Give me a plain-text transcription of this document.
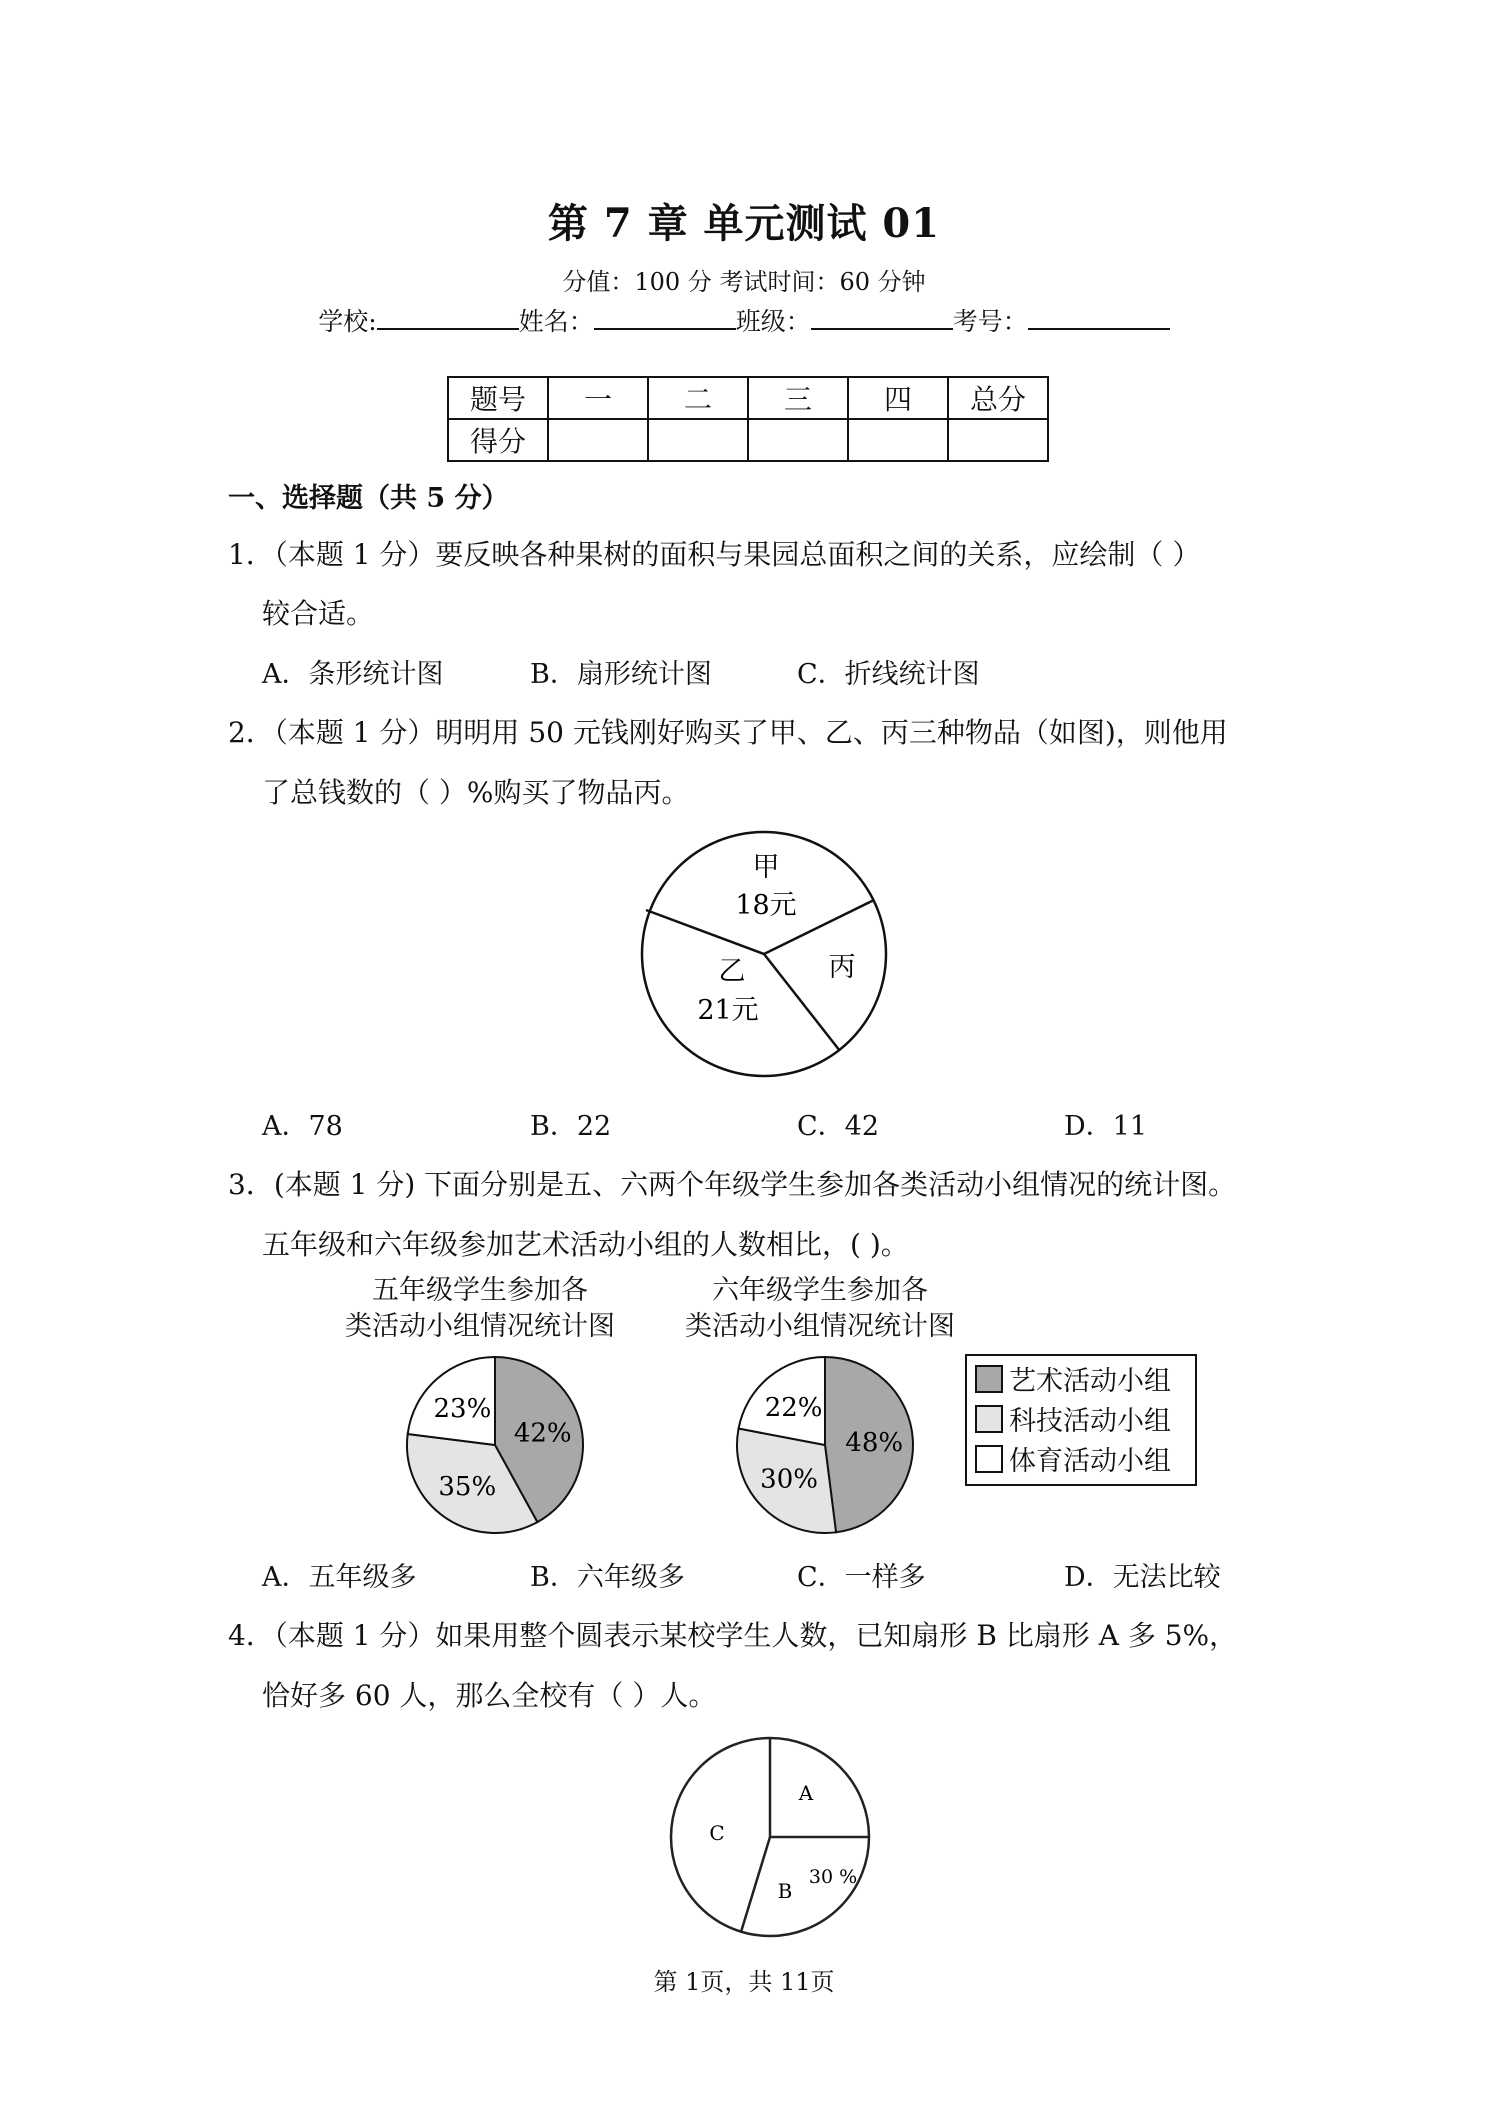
第 7 章 单元测试 01
分值：100 分 考试时间：60 分钟
学校:	姓名：	班级：	考号：
题号	一	二	三	四	总分
得分					
一、选择题（共 5 分）
1．（本题 1 分）要反映各种果树的面积与果园总面积之间的关系，应绘制（ ）
较合适。
A．条形统计图	B．扇形统计图	C．折线统计图
2．（本题 1 分）明明用 50 元钱刚好购买了甲、乙、丙三种物品（如图)，则他用
了总钱数的（ ）%购买了物品丙。
甲
18元
乙
21元
丙
A．78	B．22	C．42	D．11
3．(本题 1 分) 下面分别是五、六两个年级学生参加各类活动小组情况的统计图。
五年级和六年级参加艺术活动小组的人数相比，( )。
五年级学生参加各
类活动小组情况统计图
42%
35%
23%
六年级学生参加各
类活动小组情况统计图
48%
30%
22%
艺术活动小组
科技活动小组
体育活动小组
A．五年级多	B．六年级多	C．一样多	D．无法比较
4．（本题 1 分）如果用整个圆表示某校学生人数，已知扇形 B 比扇形 A 多 5%，
恰好多 60 人，那么全校有（ ）人。
A
C
B
30 %
第 1页，共 11页
